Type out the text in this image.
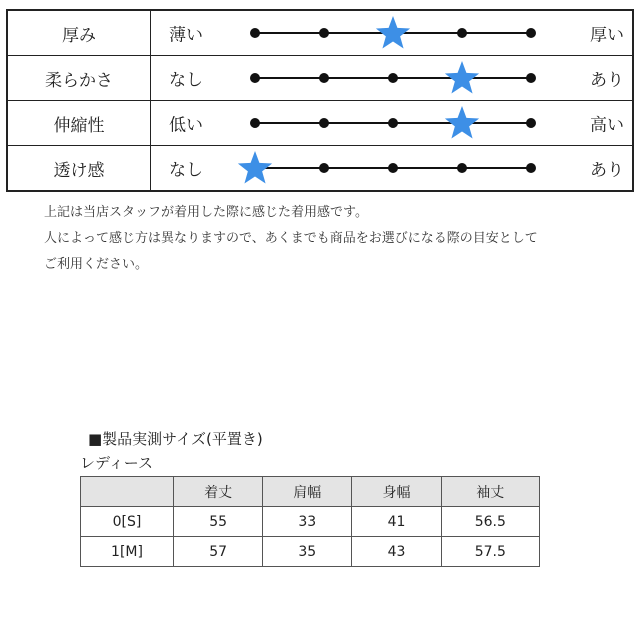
厚み	薄い 厚い

柔らかさ	なし あり

伸縮性	低い 高い

透け感	なし あり

上記は当店スタッフが着用した際に感じた着用感です。

人によって感じ方は異なりますので、あくまでも商品をお選びになる際の目安として

ご利用ください。

■製品実測サイズ(平置き)
レディース
	着丈	肩幅	身幅	袖丈
0[S]	55	33	41	56.5
1[M]	57	35	43	57.5
